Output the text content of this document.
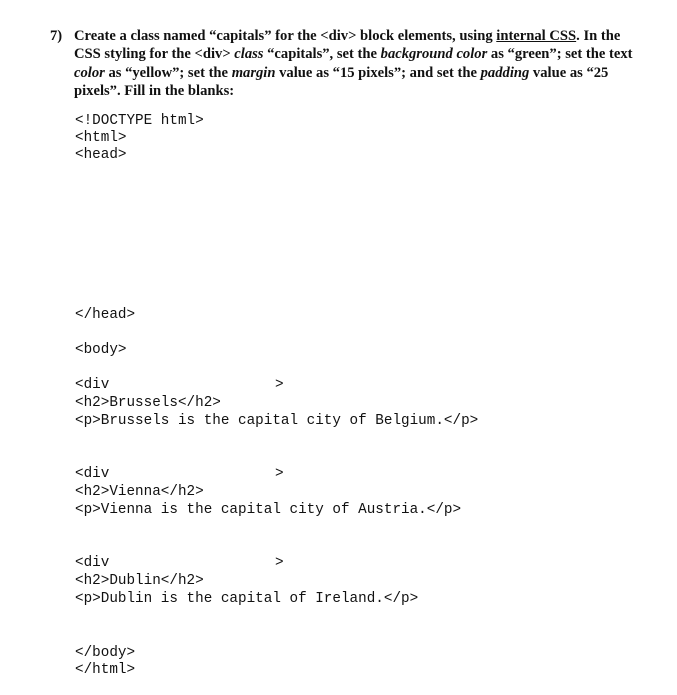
7) Create a class named “capitals” for the <div> block elements, using internal CSS. In the CSS styling for the <div> class “capitals”, set the background color as “green”; set the text color as “yellow”; set the margin value as “15 pixels”; and set the padding value as “25 pixels”. Fill in the blanks:
<!DOCTYPE html>
<html>
<head>
</head>
<body>
<div	>
<h2>Brussels</h2>
<p>Brussels is the capital city of Belgium.</p>
<div	>
<h2>Vienna</h2>
<p>Vienna is the capital city of Austria.</p>
<div	>
<h2>Dublin</h2>
<p>Dublin is the capital of Ireland.</p>
</body>
</html>
